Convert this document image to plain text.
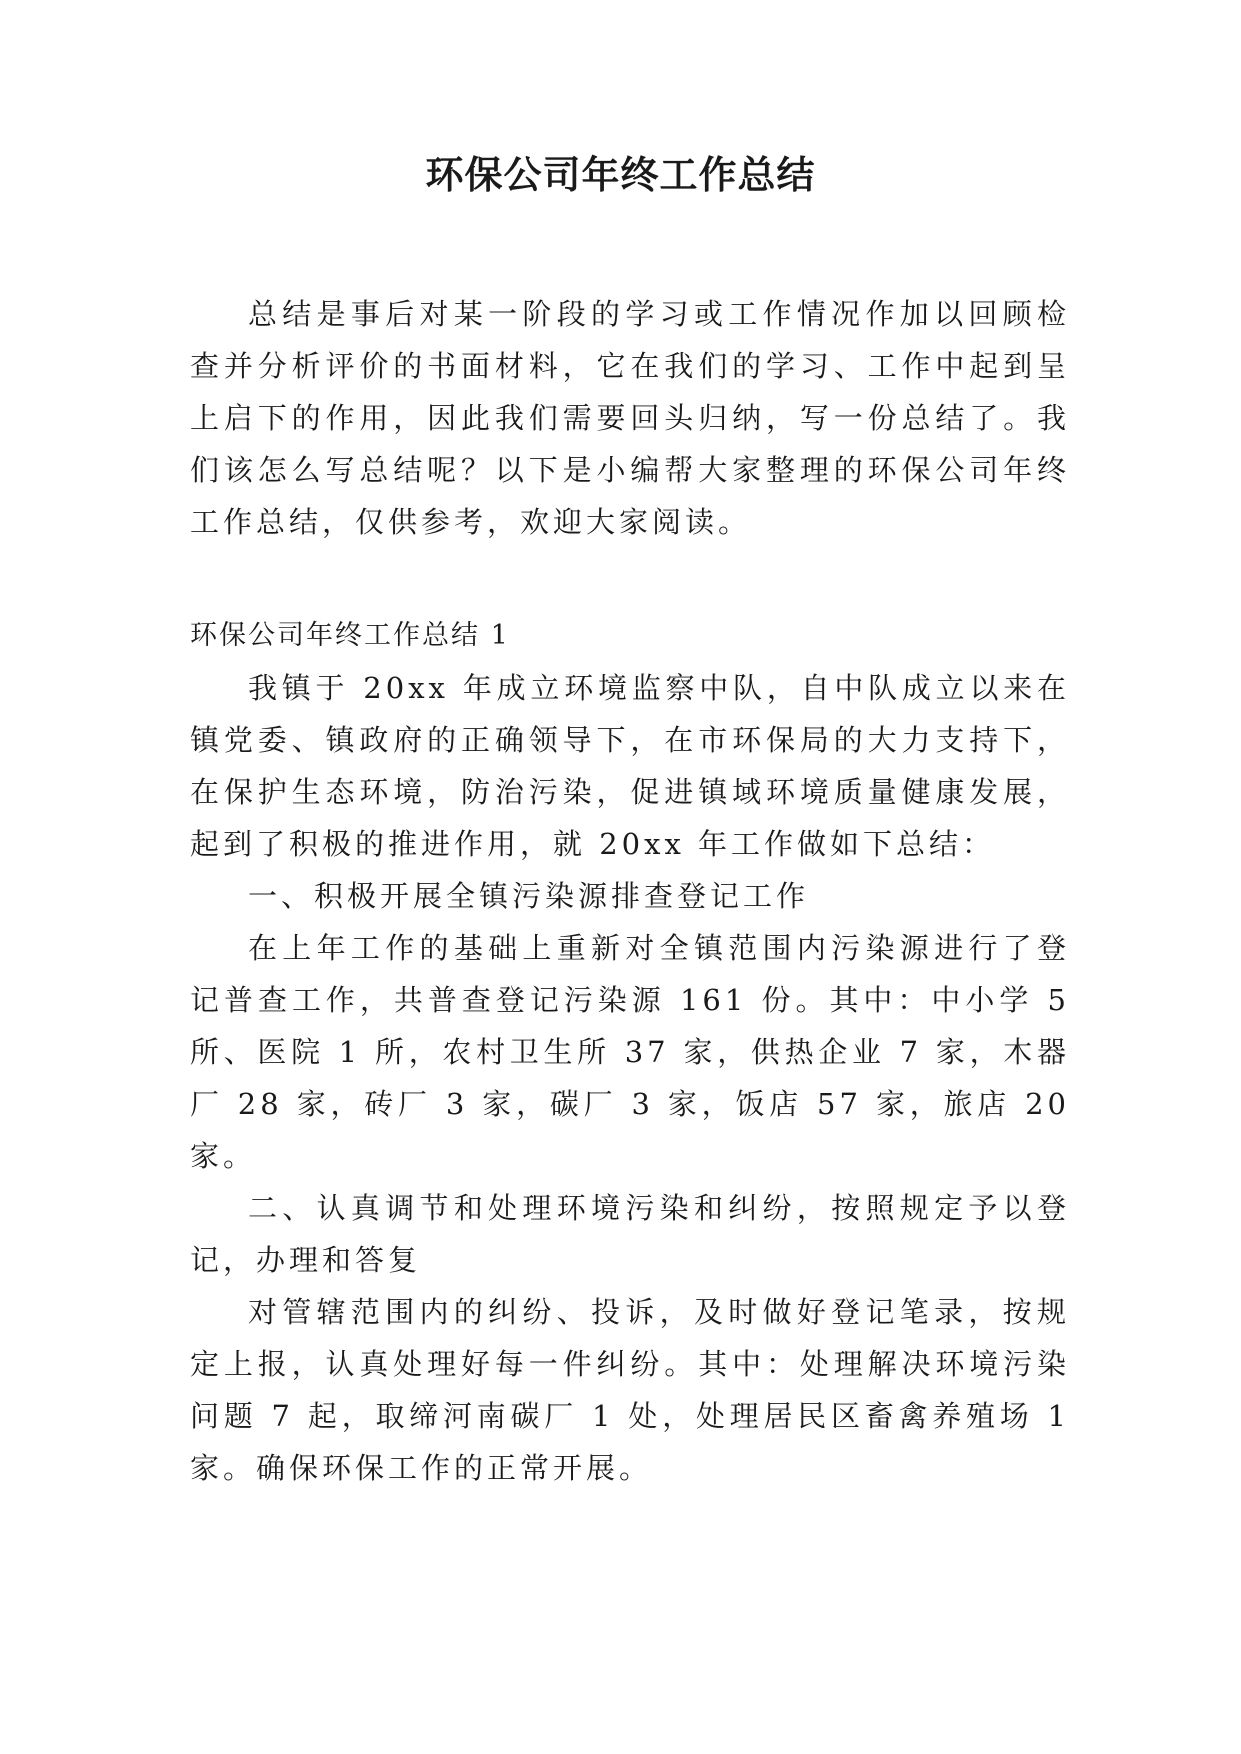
环保公司年终工作总结

总结是事后对某一阶段的学习或工作情况作加以回顾检查并分析评价的书面材料，它在我们的学习、工作中起到呈上启下的作用，因此我们需要回头归纳，写一份总结了。我们该怎么写总结呢？以下是小编帮大家整理的环保公司年终工作总结，仅供参考，欢迎大家阅读。

环保公司年终工作总结 1

我镇于 20xx 年成立环境监察中队，自中队成立以来在镇党委、镇政府的正确领导下，在市环保局的大力支持下，在保护生态环境，防治污染，促进镇域环境质量健康发展，起到了积极的推进作用，就 20xx 年工作做如下总结：

一、积极开展全镇污染源排查登记工作

在上年工作的基础上重新对全镇范围内污染源进行了登记普查工作，共普查登记污染源 161 份。其中：中小学 5 所、医院 1 所，农村卫生所 37 家，供热企业 7 家，木器厂 28 家，砖厂 3 家，碳厂 3 家，饭店 57 家，旅店 20 家。

二、认真调节和处理环境污染和纠纷，按照规定予以登记，办理和答复

对管辖范围内的纠纷、投诉，及时做好登记笔录，按规定上报，认真处理好每一件纠纷。其中：处理解决环境污染问题 7 起，取缔河南碳厂 1 处，处理居民区畜禽养殖场 1 家。确保环保工作的正常开展。
